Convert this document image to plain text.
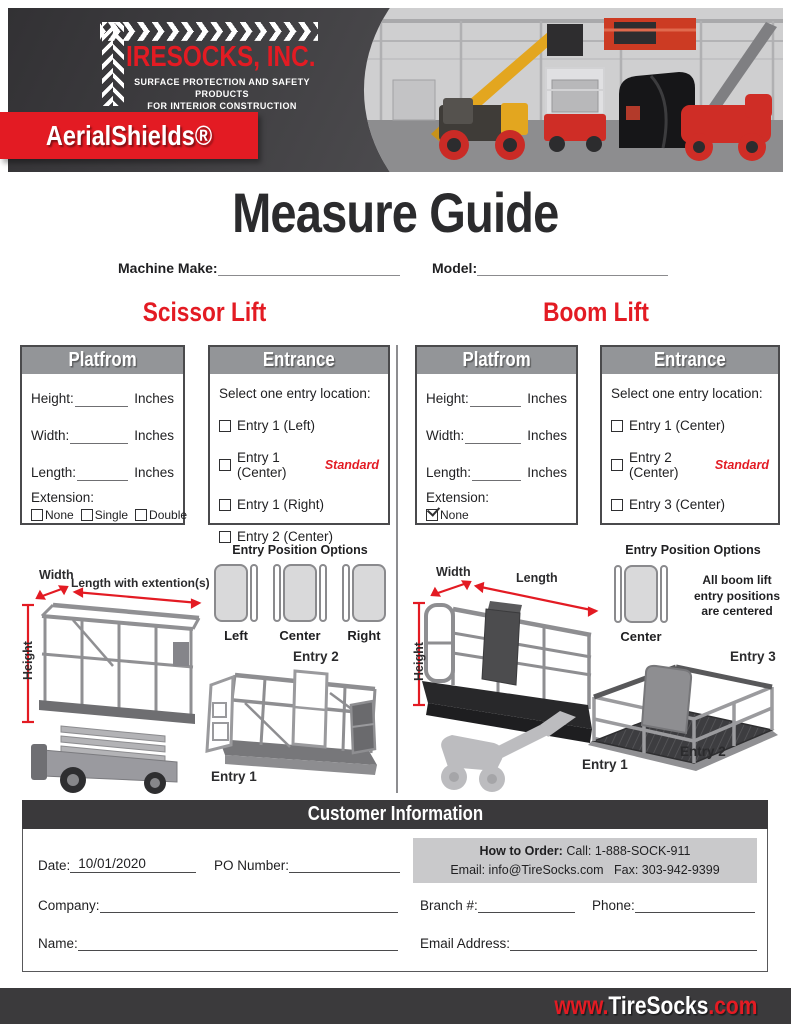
IRESOCKS, INC.
SURFACE PROTECTION AND SAFETY PRODUCTS
FOR INTERIOR CONSTRUCTION
AerialShields®
Measure Guide
Machine Make:	Model:
Scissor Lift	Boom Lift
Platfrom
Height:	Inches
Width:	Inches
Length:	Inches
Extension:
None Single Double
Entrance
Select one entry location:
Entry 1 (Left)
Entry 1 (Center)	Standard
Entry 1 (Right)
Entry 2 (Center)
Platfrom
Height:	Inches
Width:	Inches
Length:	Inches
Extension:
None
Entrance
Select one entry location:
Entry 1 (Center)
Entry 2 (Center)	Standard
Entry 3 (Center)
Width
Length with extention(s)
Height
Entry Position Options
Left Center Right
Entry 2
Entry 1
Width	Length
Height
Entry Position Options
Center
All boom lift
entry positions
are centered
Entry 3
Entry 2
Entry 1
Customer Information
How to Order: Call: 1-888-SOCK-911
Email: info@TireSocks.com Fax: 303-942-9399
Date: 10/01/2020	PO Number:
Company:	Branch #:	Phone:
Name:	Email Address:
www.TireSocks.com
